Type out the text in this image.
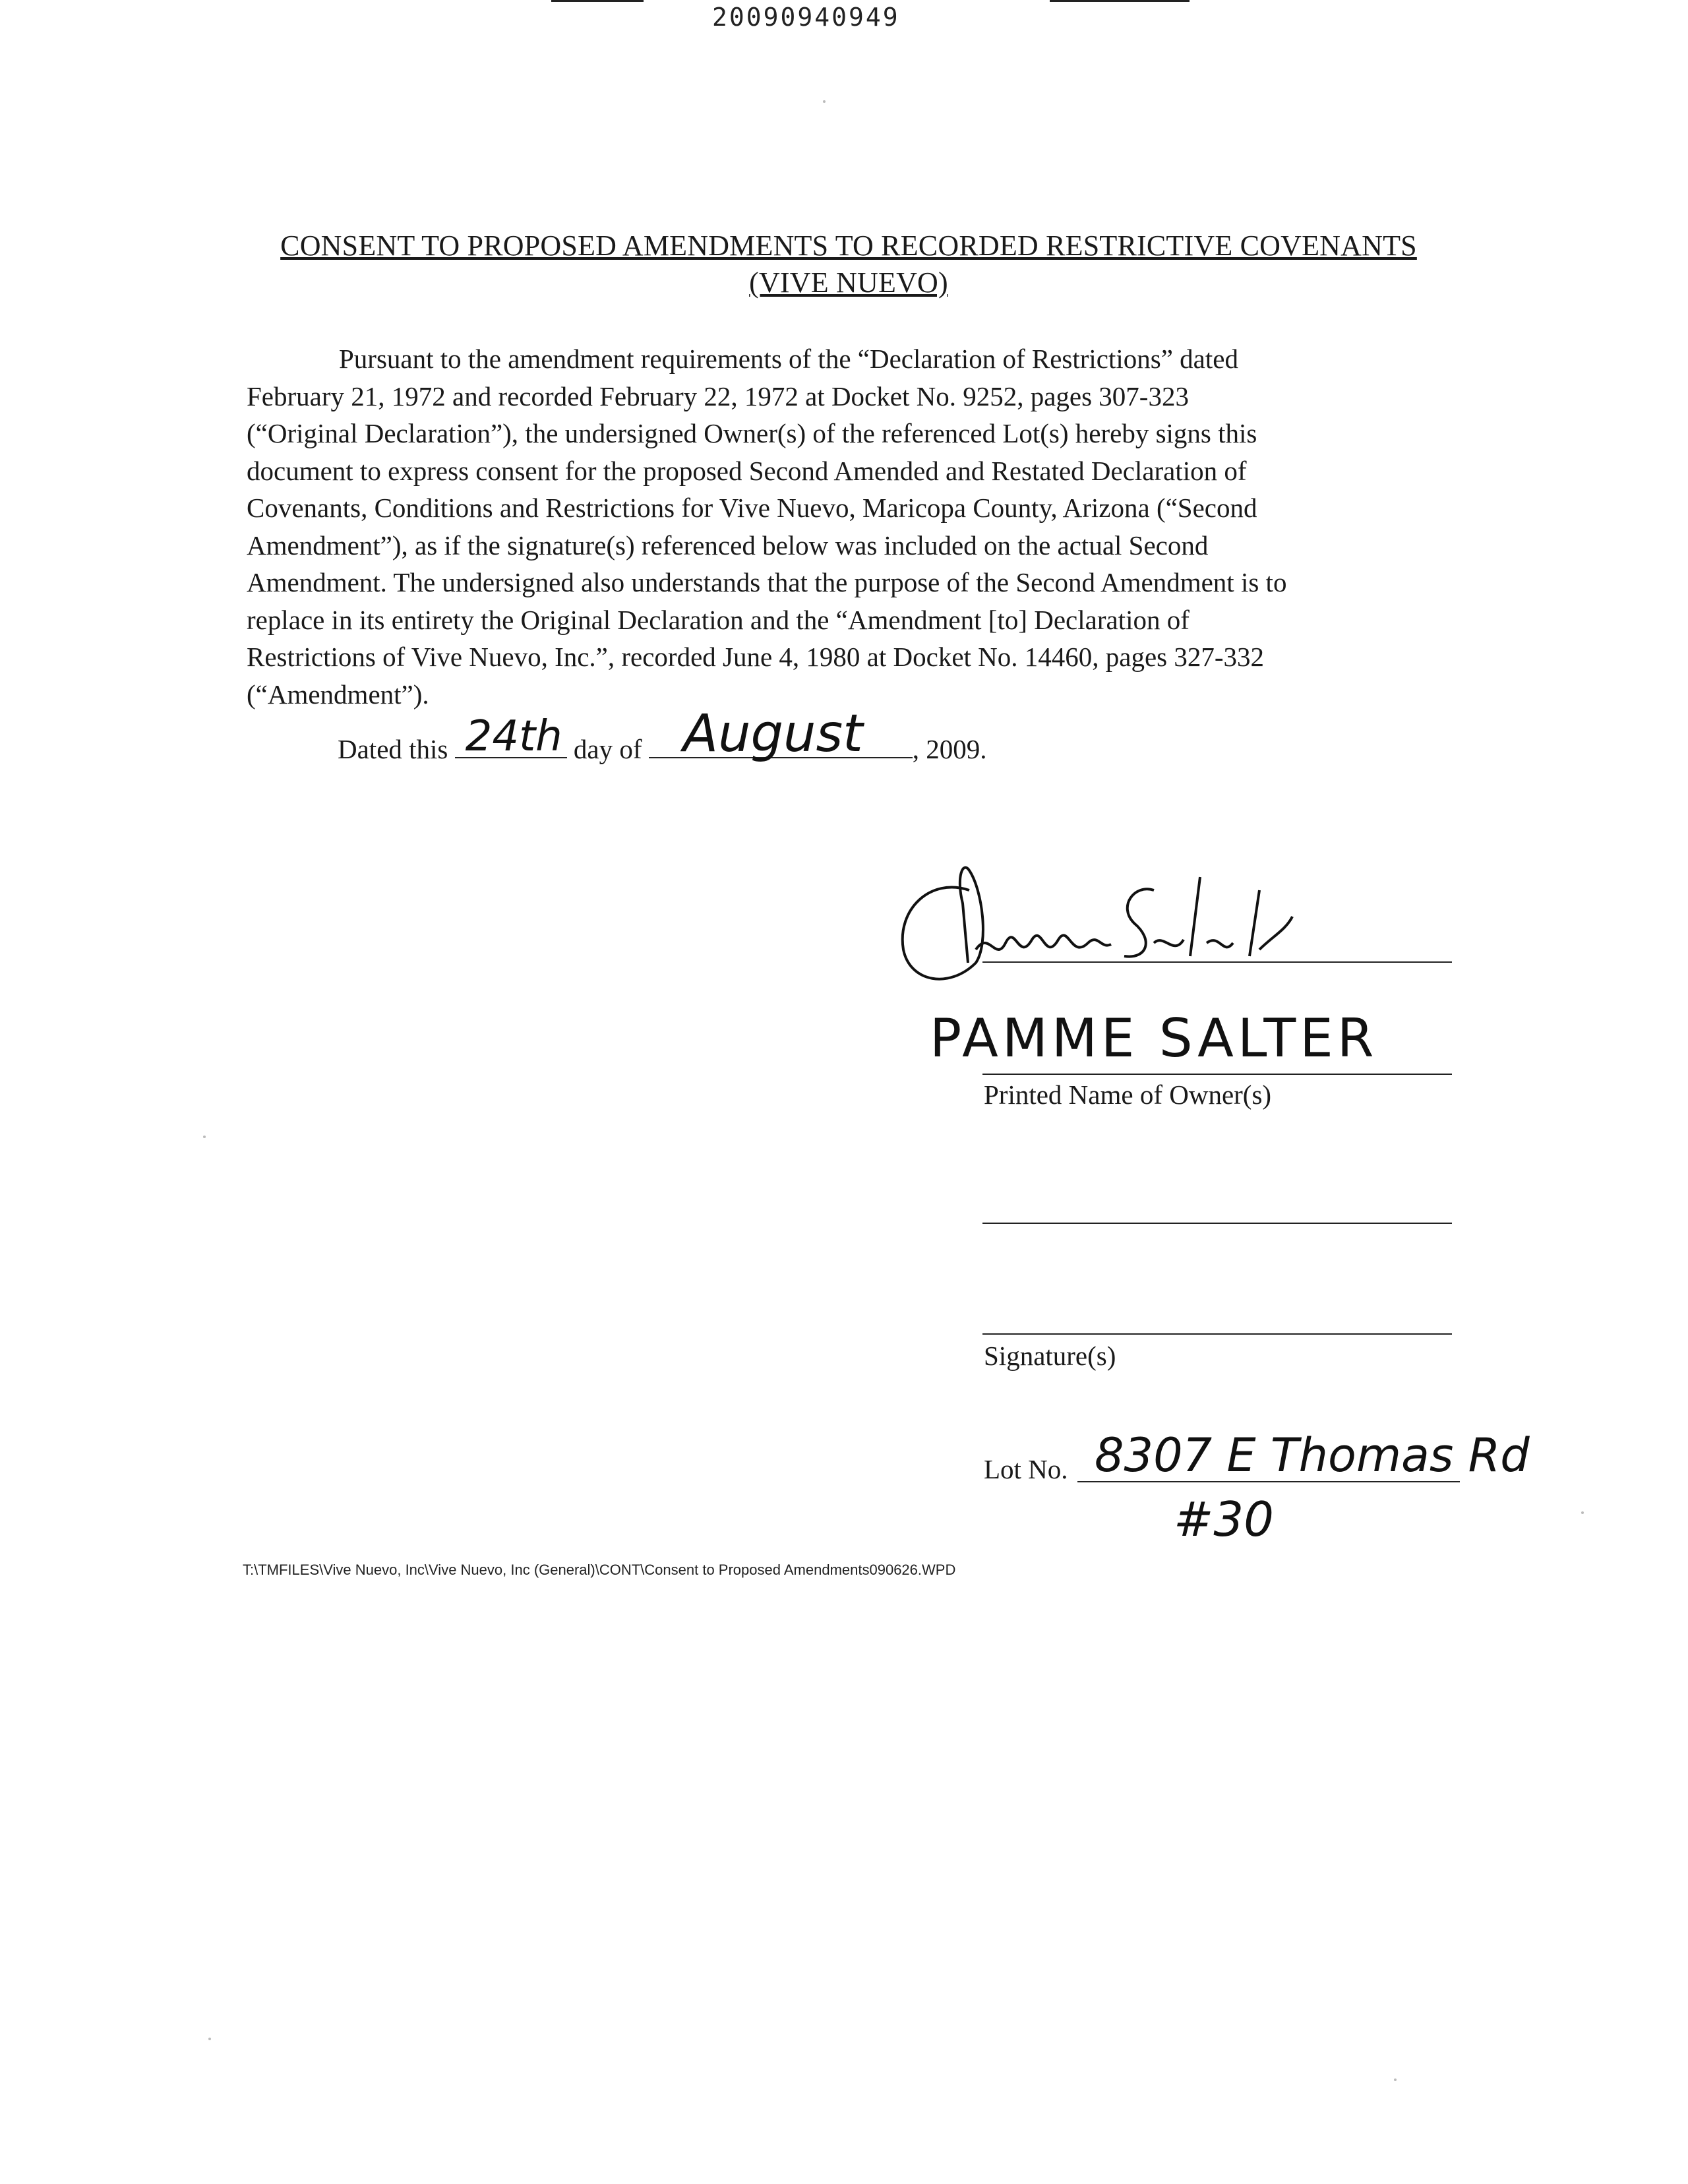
20090940949
CONSENT TO PROPOSED AMENDMENTS TO RECORDED RESTRICTIVE COVENANTS
(VIVE NUEVO)
Pursuant to the amendment requirements of the “Declaration of Restrictions” dated
February 21, 1972 and recorded February 22, 1972 at Docket No. 9252, pages 307-323
(“Original Declaration”), the undersigned Owner(s) of the referenced Lot(s) hereby signs this
document to express consent for the proposed Second Amended and Restated Declaration of
Covenants, Conditions and Restrictions for Vive Nuevo, Maricopa County, Arizona (“Second
Amendment”), as if the signature(s) referenced below was included on the actual Second
Amendment. The undersigned also understands that the purpose of the Second Amendment is to
replace in its entirety the Original Declaration and the “Amendment [to] Declaration of
Restrictions of Vive Nuevo, Inc.”, recorded June 4, 1980 at Docket No. 14460, pages 327-332
(“Amendment”).
Dated this 24th day of August , 2009.
PAMME SALTER
Printed Name of Owner(s)
Signature(s)
Lot No. 8307 E Thomas Rd
#30
T:\TMFILES\Vive Nuevo, Inc\Vive Nuevo, Inc (General)\CONT\Consent to Proposed Amendments090626.WPD
